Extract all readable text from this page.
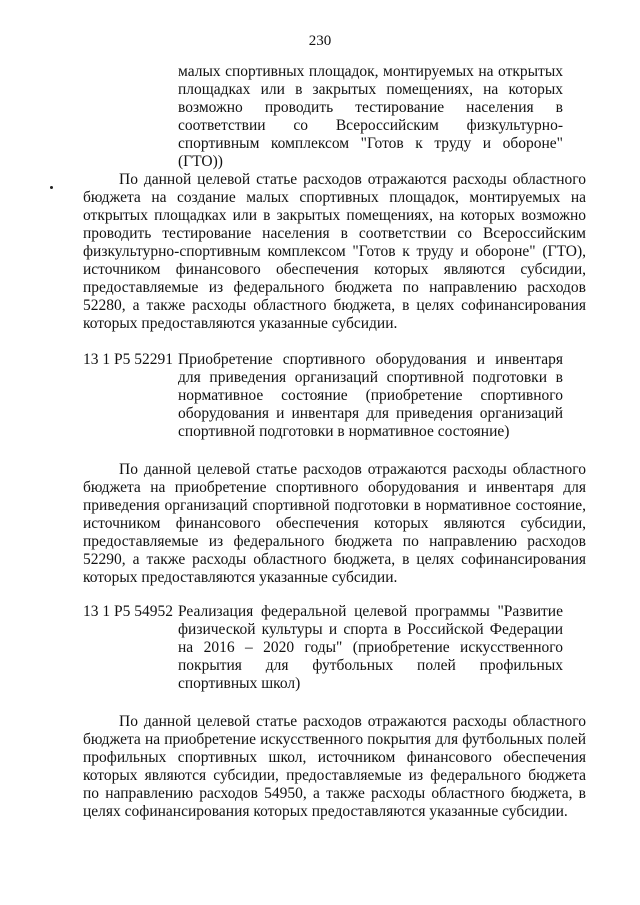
230
малых спортивных площадок, монтируемых на открытых площадках или в закрытых помещениях, на которых возможно проводить тестирование населения в соответствии со Всероссийским физкультурно-спортивным комплексом "Готов к труду и обороне" (ГТО))
По данной целевой статье расходов отражаются расходы областного бюджета на создание малых спортивных площадок, монтируемых на открытых площадках или в закрытых помещениях, на которых возможно проводить тестирование населения в соответствии со Всероссийским физкультурно-спортивным комплексом "Готов к труду и обороне" (ГТО), источником финансового обеспечения которых являются субсидии, предоставляемые из федерального бюджета по направлению расходов 52280, а также расходы областного бюджета, в целях софинансирования которых предоставляются указанные субсидии.
13 1 P5 52291 Приобретение спортивного оборудования и инвентаря для приведения организаций спортивной подготовки в нормативное состояние (приобретение спортивного оборудования и инвентаря для приведения организаций спортивной подготовки в нормативное состояние)
По данной целевой статье расходов отражаются расходы областного бюджета на приобретение спортивного оборудования и инвентаря для приведения организаций спортивной подготовки в нормативное состояние, источником финансового обеспечения которых являются субсидии, предоставляемые из федерального бюджета по направлению расходов 52290, а также расходы областного бюджета, в целях софинансирования которых предоставляются указанные субсидии.
13 1 P5 54952 Реализация федеральной целевой программы "Развитие физической культуры и спорта в Российской Федерации на 2016 – 2020 годы" (приобретение искусственного покрытия для футбольных полей профильных спортивных школ)
По данной целевой статье расходов отражаются расходы областного бюджета на приобретение искусственного покрытия для футбольных полей профильных спортивных школ, источником финансового обеспечения которых являются субсидии, предоставляемые из федерального бюджета по направлению расходов 54950, а также расходы областного бюджета, в целях софинансирования которых предоставляются указанные субсидии.
